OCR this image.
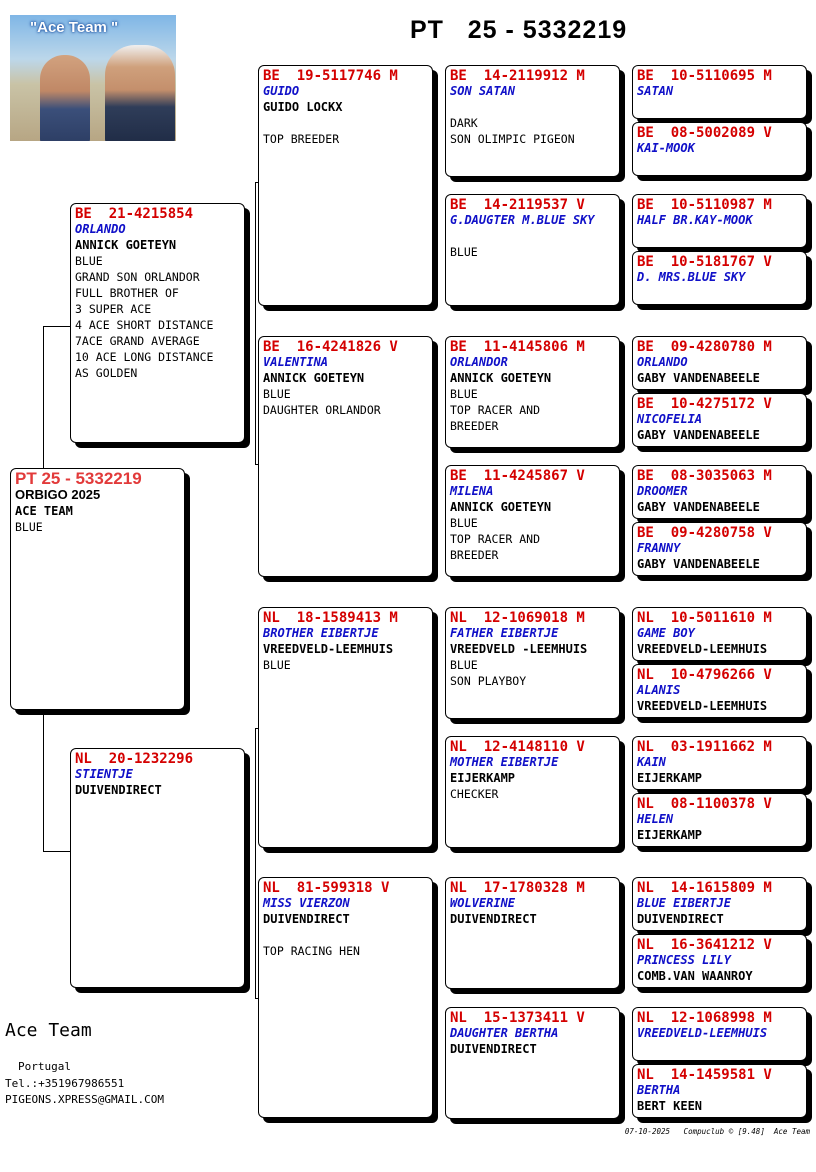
PT   25 - 5332219
"Ace Team "
PT 25 - 5332219
ORBIGO 2025
ACE TEAM
BLUE
BE  21-4215854
ORLANDO
ANNICK GOETEYN
BLUE
GRAND SON ORLANDOR
FULL BROTHER OF
3 SUPER ACE
4 ACE SHORT DISTANCE
7ACE GRAND AVERAGE
10 ACE LONG DISTANCE
AS GOLDEN
NL  20-1232296
STIENTJE
DUIVENDIRECT
BE  19-5117746 M
GUIDO
GUIDO LOCKX
TOP BREEDER
BE  16-4241826 V
VALENTINA
ANNICK GOETEYN
BLUE
DAUGHTER ORLANDOR
NL  18-1589413 M
BROTHER EIBERTJE
VREEDVELD-LEEMHUIS
BLUE
NL  81-599318 V
MISS VIERZON
DUIVENDIRECT
TOP RACING HEN
BE  14-2119912 M
SON SATAN
DARK
SON OLIMPIC PIGEON
BE  14-2119537 V
G.DAUGTER M.BLUE SKY
BLUE
BE  11-4145806 M
ORLANDOR
ANNICK GOETEYN
BLUE
TOP RACER AND
BREEDER
BE  11-4245867 V
MILENA
ANNICK GOETEYN
BLUE
TOP RACER AND
BREEDER
NL  12-1069018 M
FATHER EIBERTJE
VREEDVELD -LEEMHUIS
BLUE
SON PLAYBOY
NL  12-4148110 V
MOTHER EIBERTJE
EIJERKAMP
CHECKER
NL  17-1780328 M
WOLVERINE
DUIVENDIRECT
NL  15-1373411 V
DAUGHTER BERTHA
DUIVENDIRECT
BE  10-5110695 M
SATAN
BE  08-5002089 V
KAI-MOOK
BE  10-5110987 M
HALF BR.KAY-MOOK
BE  10-5181767 V
D. MRS.BLUE SKY
BE  09-4280780 M
ORLANDO
GABY VANDENABEELE
BE  10-4275172 V
NICOFELIA
GABY VANDENABEELE
BE  08-3035063 M
DROOMER
GABY VANDENABEELE
BE  09-4280758 V
FRANNY
GABY VANDENABEELE
NL  10-5011610 M
GAME BOY
VREEDVELD-LEEMHUIS
NL  10-4796266 V
ALANIS
VREEDVELD-LEEMHUIS
NL  03-1911662 M
KAIN
EIJERKAMP
NL  08-1100378 V
HELEN
EIJERKAMP
NL  14-1615809 M
BLUE EIBERTJE
DUIVENDIRECT
NL  16-3641212 V
PRINCESS LILY
COMB.VAN WAANROY
NL  12-1068998 M
VREEDVELD-LEEMHUIS
NL  14-1459581 V
BERTHA
BERT KEEN
Ace Team
Portugal
Tel.:+351967986551
PIGEONS.XPRESS@GMAIL.COM
07-10-2025   Compuclub © [9.48]  Ace Team
